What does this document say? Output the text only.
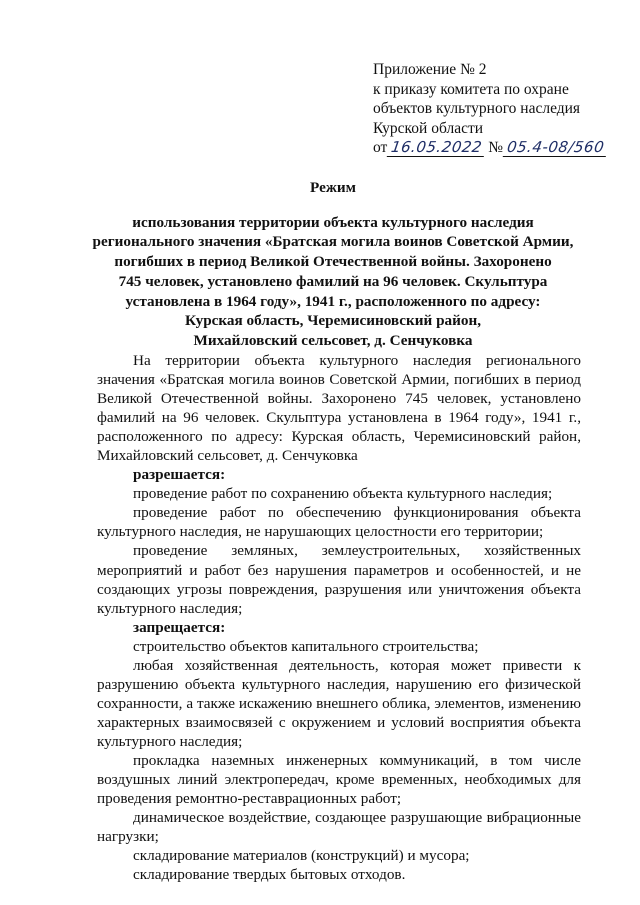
Приложение № 2
к приказу комитета по охране
объектов культурного наследия
Курской области
от 16.05.2022 № 05.4-08/560
Режим
использования территории объекта культурного наследия
регионального значения «Братская могила воинов Советской Армии,
погибших в период Великой Отечественной войны. Захоронено
745 человек, установлено фамилий на 96 человек. Скульптура
установлена в 1964 году», 1941 г., расположенного по адресу:
Курская область, Черемисиновский район,
Михайловский сельсовет, д. Сенчуковка
На территории объекта культурного наследия регионального
значения «Братская могила воинов Советской Армии, погибших в период
Великой Отечественной войны. Захоронено 745 человек, установлено
фамилий на 96 человек. Скульптура установлена в 1964 году», 1941 г.,
расположенного по адресу: Курская область, Черемисиновский район,
Михайловский сельсовет, д. Сенчуковка
разрешается:
проведение работ по сохранению объекта культурного наследия;
проведение работ по обеспечению функционирования объекта
культурного наследия, не нарушающих целостности его территории;
проведение земляных, землеустроительных, хозяйственных
мероприятий и работ без нарушения параметров и особенностей, и не
создающих угрозы повреждения, разрушения или уничтожения объекта
культурного наследия;
запрещается:
строительство объектов капитального строительства;
любая хозяйственная деятельность, которая может привести к
разрушению объекта культурного наследия, нарушению его физической
сохранности, а также искажению внешнего облика, элементов, изменению
характерных взаимосвязей с окружением и условий восприятия объекта
культурного наследия;
прокладка наземных инженерных коммуникаций, в том числе
воздушных линий электропередач, кроме временных, необходимых для
проведения ремонтно-реставрационных работ;
динамическое воздействие, создающее разрушающие вибрационные
нагрузки;
складирование материалов (конструкций) и мусора;
складирование твердых бытовых отходов.
